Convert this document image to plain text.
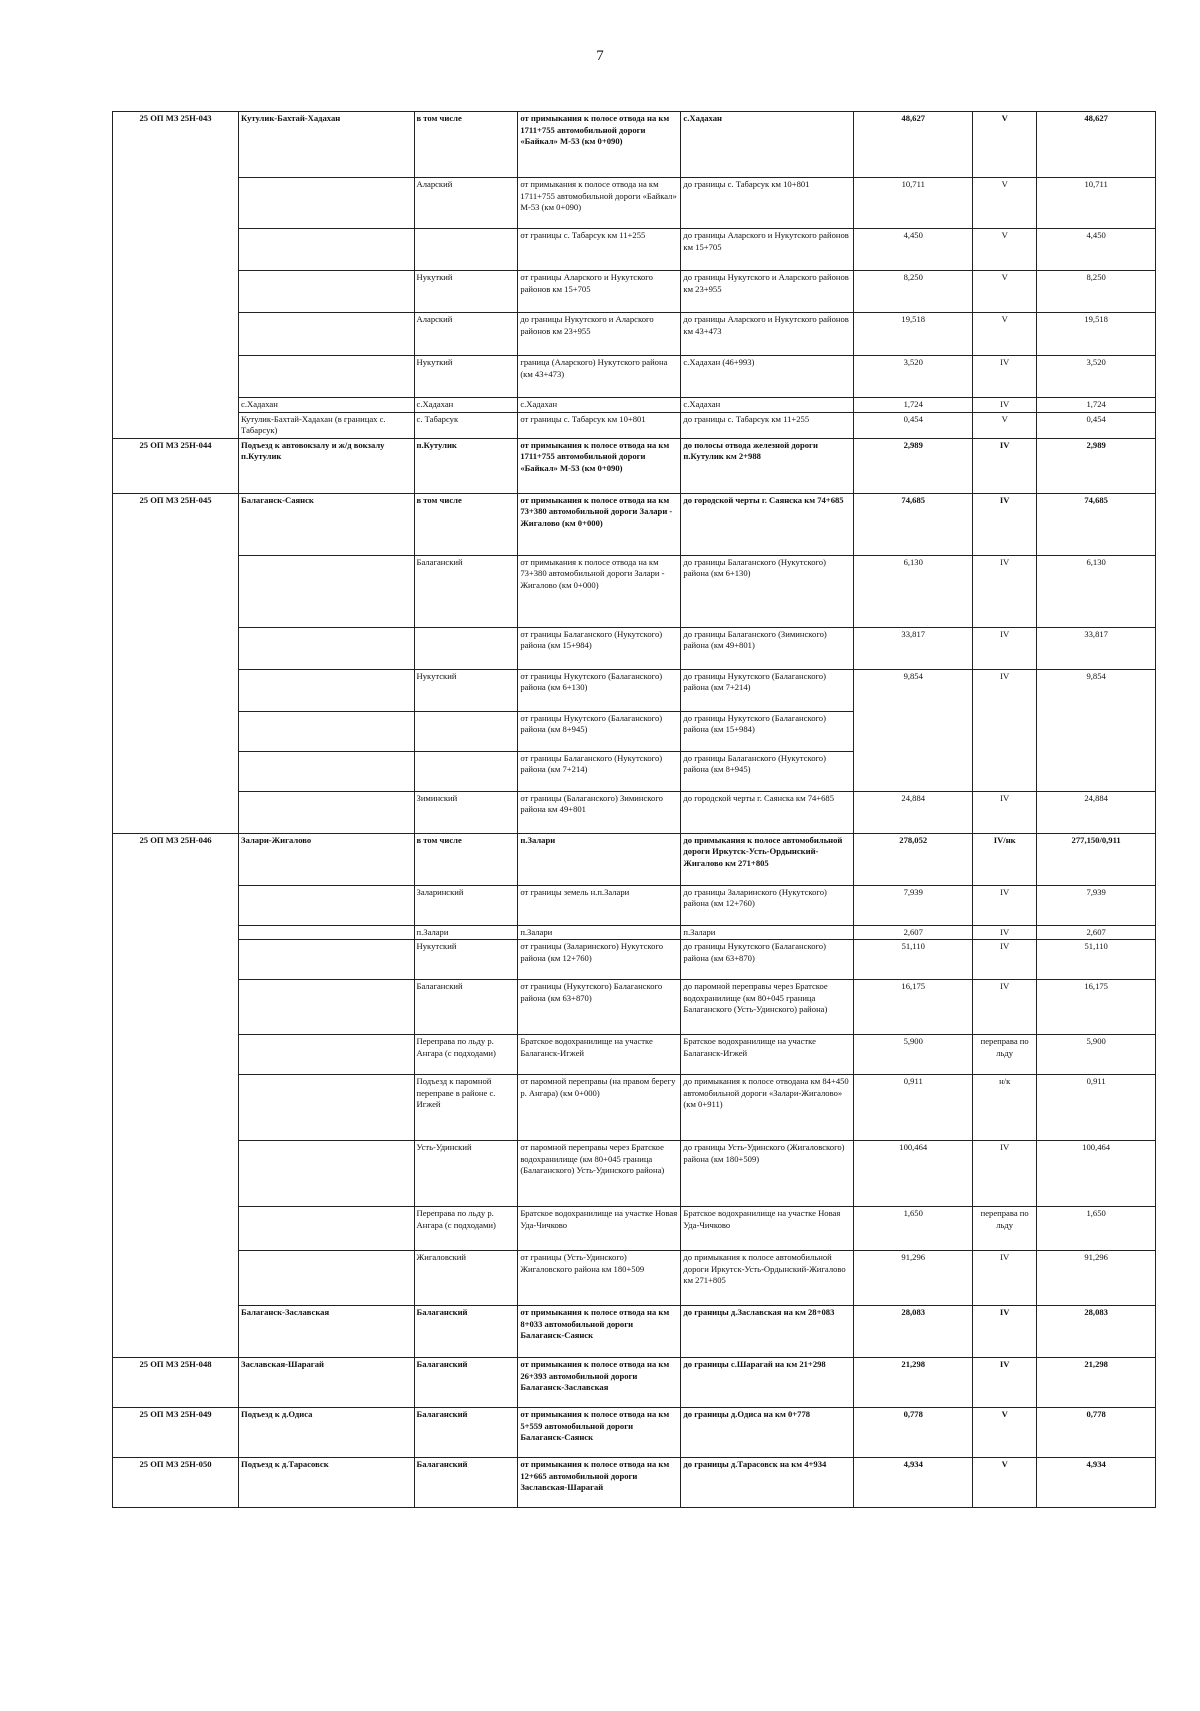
7
25 ОП МЗ 25Н-043	Кутулик-Бахтай-Хадахан	в том числе	от примыкания к полосе отвода на км 1711+755 автомобильной дороги «Байкал» М-53 (км 0+090)	с.Хадахан	48,627	V	48,627
		Аларский	от примыкания к полосе отвода на км 1711+755 автомобильной дороги «Байкал» М-53 (км 0+090)	до границы с. Табарсук км 10+801	10,711	V	10,711
			от границы с. Табарсук км 11+255	до границы Аларского и Нукутского районов км 15+705	4,450	V	4,450
		Нукуткий	от границы Аларского и Нукутского районов км 15+705	до границы Нукутского и Аларского районов км 23+955	8,250	V	8,250
		Аларский	до границы Нукутского и Аларского районов км 23+955	до границы Аларского и Нукутского районов км 43+473	19,518	V	19,518
		Нукуткий	граница (Аларского) Нукутского района (км 43+473)	с.Хадахан (46+993)	3,520	IV	3,520
	с.Хадахан	с.Хадахан	с.Хадахан	с.Хадахан	1,724	IV	1,724
	Кутулик-Бахтай-Хадахан (в границах с. Табарсук)	с. Табарсук	от границы с. Табарсук км 10+801	до границы с. Табарсук км 11+255	0,454	V	0,454
25 ОП МЗ 25Н-044	Подъезд к автовокзалу и ж/д вокзалу п.Кутулик	п.Кутулик	от примыкания к полосе отвода на км 1711+755 автомобильной дороги «Байкал» М-53 (км 0+090)	до полосы отвода железной дороги п.Кутулик км 2+988	2,989	IV	2,989
25 ОП МЗ 25Н-045	Балаганск-Саянск	в том числе	от примыкания к полосе отвода на км 73+380 автомобильной дороги Залари - Жигалово (км 0+000)	до городской черты г. Саянска км 74+685	74,685	IV	74,685
		Балаганский	от примыкания к полосе отвода на км 73+380 автомобильной дороги Залари - Жигалово (км 0+000)	до границы Балаганского (Нукутского) района (км 6+130)	6,130	IV	6,130
			от границы Балаганского (Нукутского) района (км 15+984)	до границы Балаганского (Зиминского) района (км 49+801)	33,817	IV	33,817
		Нукутский	от границы Нукутского (Балаганского) района (км 6+130)	до границы Нукутского (Балаганского) района (км 7+214)	9,854	IV	9,854
			от границы Нукутского (Балаганского) района (км 8+945)	до границы Нукутского (Балаганского) района (км 15+984)			
			от границы Балаганского (Нукутского) района (км 7+214)	до границы Балаганского (Нукутского) района (км 8+945)			
		Зиминский	от границы (Балаганского) Зиминского района км 49+801	до городской черты г. Саянска км 74+685	24,884	IV	24,884
25 ОП МЗ 25Н-046	Залари-Жигалово	в том числе	п.Залари	до примыкания к полосе автомобильной дороги Иркутск-Усть-Ордынский-Жигалово км 271+805	278,052	IV/нк	277,150/0,911
		Заларинский	от границы земель н.п.Залари	до границы Заларинского (Нукутского) района (км 12+760)	7,939	IV	7,939
		п.Залари	п.Залари	п.Залари	2,607	IV	2,607
		Нукутский	от границы (Заларинского) Нукутского района (км 12+760)	до границы Нукутского (Балаганского) района (км 63+870)	51,110	IV	51,110
		Балаганский	от границы (Нукутского) Балаганского района (км 63+870)	до паромной переправы через Братское водохранилище (км 80+045 граница Балаганского (Усть-Удинского) района)	16,175	IV	16,175
		Переправа по льду р. Ангара (с подходами)	Братское водохранилище на участке Балаганск-Игжей	Братское водохранилище на участке Балаганск-Игжей	5,900	переправа по льду	5,900
		Подъезд к паромной переправе в районе с. Игжей	от паромной переправы (на правом берегу р. Ангара) (км 0+000)	до примыкания к полосе отводана км 84+450 автомобильной дороги «Залари-Жигалово» (км 0+911)	0,911	н/к	0,911
		Усть-Удинский	от паромной переправы через Братское водохранилище (км 80+045 граница (Балаганского) Усть-Удинского района)	до границы Усть-Удинского (Жигаловского) района (км 180+509)	100,464	IV	100,464
		Переправа по льду р. Ангара (с подходами)	Братское водохранилище на участке Новая Уда-Чичково	Братское водохранилище на участке Новая Уда-Чичково	1,650	переправа по льду	1,650
		Жигаловский	от границы (Усть-Удинского) Жигаловского района км 180+509	до примыкания к полосе автомобильной дороги Иркутск-Усть-Ордынский-Жигалово км 271+805	91,296	IV	91,296
	Балаганск-Заславская	Балаганский	от примыкания к полосе отвода на км 8+033 автомобильной дороги Балаганск-Саянск	до границы д.Заславская на км 28+083	28,083	IV	28,083
25 ОП МЗ 25Н-048	Заславская-Шарагай	Балаганский	от примыкания к полосе отвода на км 26+393 автомобильной дороги Балаганск-Заславская	до границы с.Шарагай на км 21+298	21,298	IV	21,298
25 ОП МЗ 25Н-049	Подъезд к д.Одиса	Балаганский	от примыкания к полосе отвода на км 5+559 автомобильной дороги Балаганск-Саянск	до границы д.Одиса на км 0+778	0,778	V	0,778
25 ОП МЗ 25Н-050	Подъезд к д.Тарасовск	Балаганский	от примыкания к полосе отвода на км 12+665 автомобильной дороги Заславская-Шарагай	до границы д.Тарасовск на км 4+934	4,934	V	4,934
